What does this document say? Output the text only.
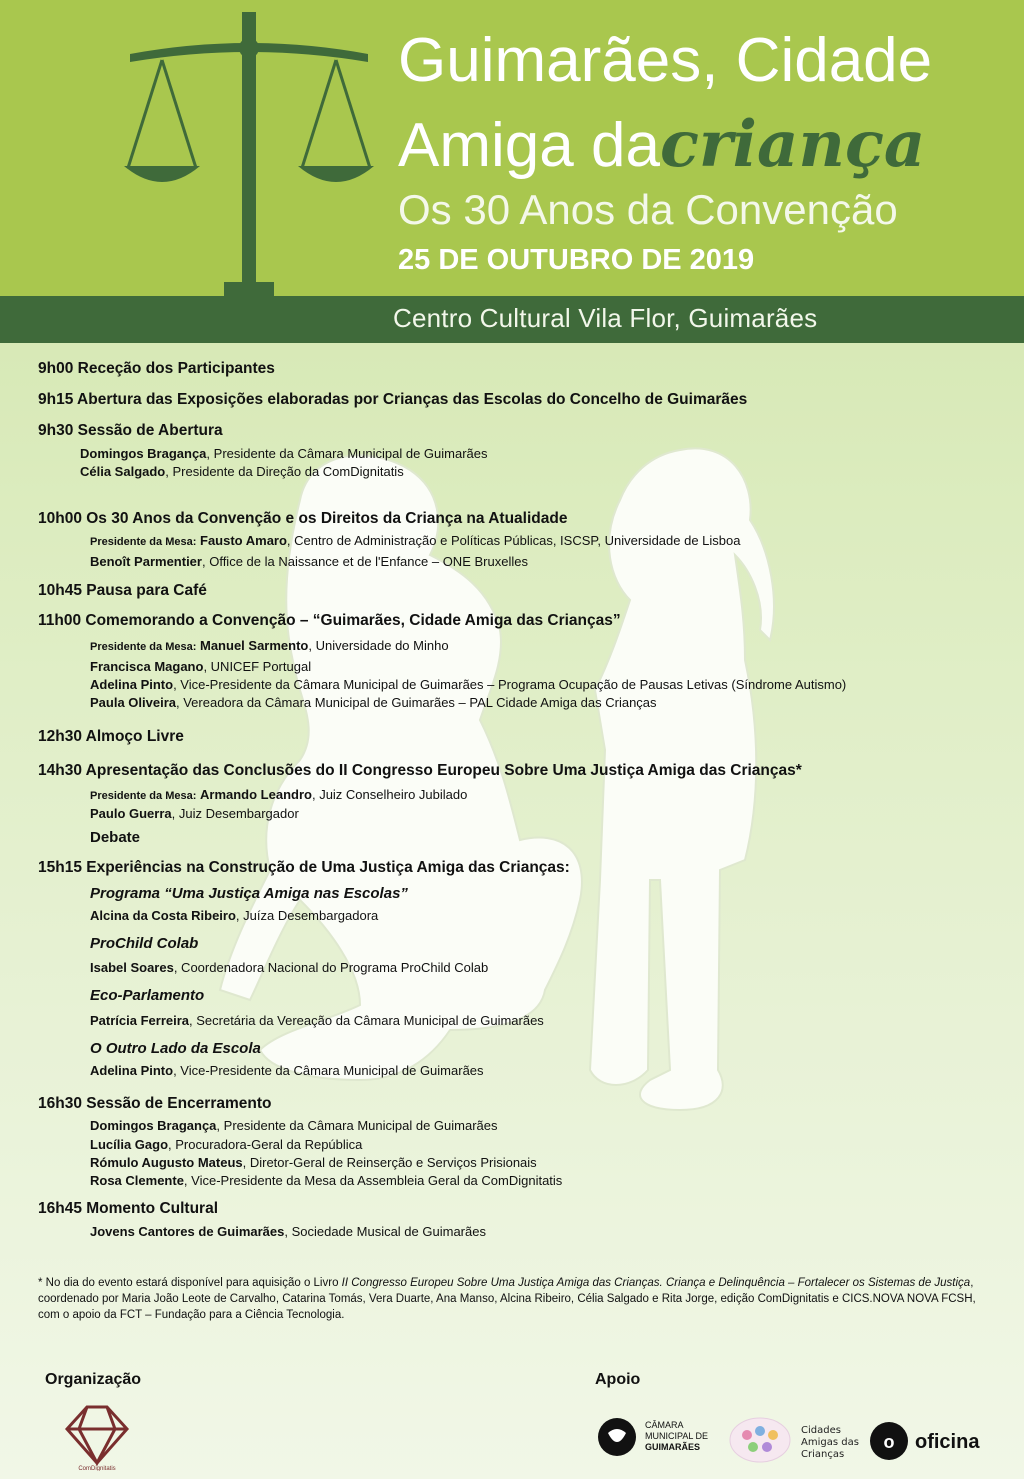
Guimarães, Cidade
Amiga dacriança
Os 30 Anos da Convenção
25 DE OUTUBRO DE 2019
Centro Cultural Vila Flor, Guimarães
9h00 Receção dos Participantes
9h15 Abertura das Exposições elaboradas por Crianças das Escolas do Concelho de Guimarães
9h30 Sessão de Abertura
Domingos Bragança, Presidente da Câmara Municipal de Guimarães
Célia Salgado, Presidente da Direção da ComDignitatis
10h00 Os 30 Anos da Convenção e os Direitos da Criança na Atualidade
Presidente da Mesa: Fausto Amaro, Centro de Administração e Políticas Públicas, ISCSP, Universidade de Lisboa
Benoît Parmentier, Office de la Naissance et de l'Enfance – ONE Bruxelles
10h45 Pausa para Café
11h00 Comemorando a Convenção – “Guimarães, Cidade Amiga das Crianças”
Presidente da Mesa: Manuel Sarmento, Universidade do Minho
Francisca Magano, UNICEF Portugal
Adelina Pinto, Vice-Presidente da Câmara Municipal de Guimarães – Programa Ocupação de Pausas Letivas (Síndrome Autismo)
Paula Oliveira, Vereadora da Câmara Municipal de Guimarães – PAL Cidade Amiga das Crianças
12h30 Almoço Livre
14h30 Apresentação das Conclusões do II Congresso Europeu Sobre Uma Justiça Amiga das Crianças*
Presidente da Mesa: Armando Leandro, Juiz Conselheiro Jubilado
Paulo Guerra, Juiz Desembargador
Debate
15h15 Experiências na Construção de Uma Justiça Amiga das Crianças:
Programa “Uma Justiça Amiga nas Escolas”
Alcina da Costa Ribeiro, Juíza Desembargadora
ProChild Colab
Isabel Soares, Coordenadora Nacional do Programa ProChild Colab
Eco-Parlamento
Patrícia Ferreira, Secretária da Vereação da Câmara Municipal de Guimarães
O Outro Lado da Escola
Adelina Pinto, Vice-Presidente da Câmara Municipal de Guimarães
16h30 Sessão de Encerramento
Domingos Bragança, Presidente da Câmara Municipal de Guimarães
Lucília Gago, Procuradora-Geral da República
Rómulo Augusto Mateus, Diretor-Geral de Reinserção e Serviços Prisionais
Rosa Clemente, Vice-Presidente da Mesa da Assembleia Geral da ComDignitatis
16h45 Momento Cultural
Jovens Cantores de Guimarães, Sociedade Musical de Guimarães
* No dia do evento estará disponível para aquisição o Livro II Congresso Europeu Sobre Uma Justiça Amiga das Crianças. Criança e Delinquência – Fortalecer os Sistemas de Justiça, coordenado por Maria João Leote de Carvalho, Catarina Tomás, Vera Duarte, Ana Manso, Alcina Ribeiro, Célia Salgado e Rita Jorge, edição ComDignitatis e CICS.NOVA NOVA FCSH, com o apoio da FCT – Fundação para a Ciência Tecnologia.
Organização
ComDignitatis
Apoio
CÂMARA
MUNICIPAL DE
GUIMARÃES
Cidades
Amigas das
Crianças
o oficina
